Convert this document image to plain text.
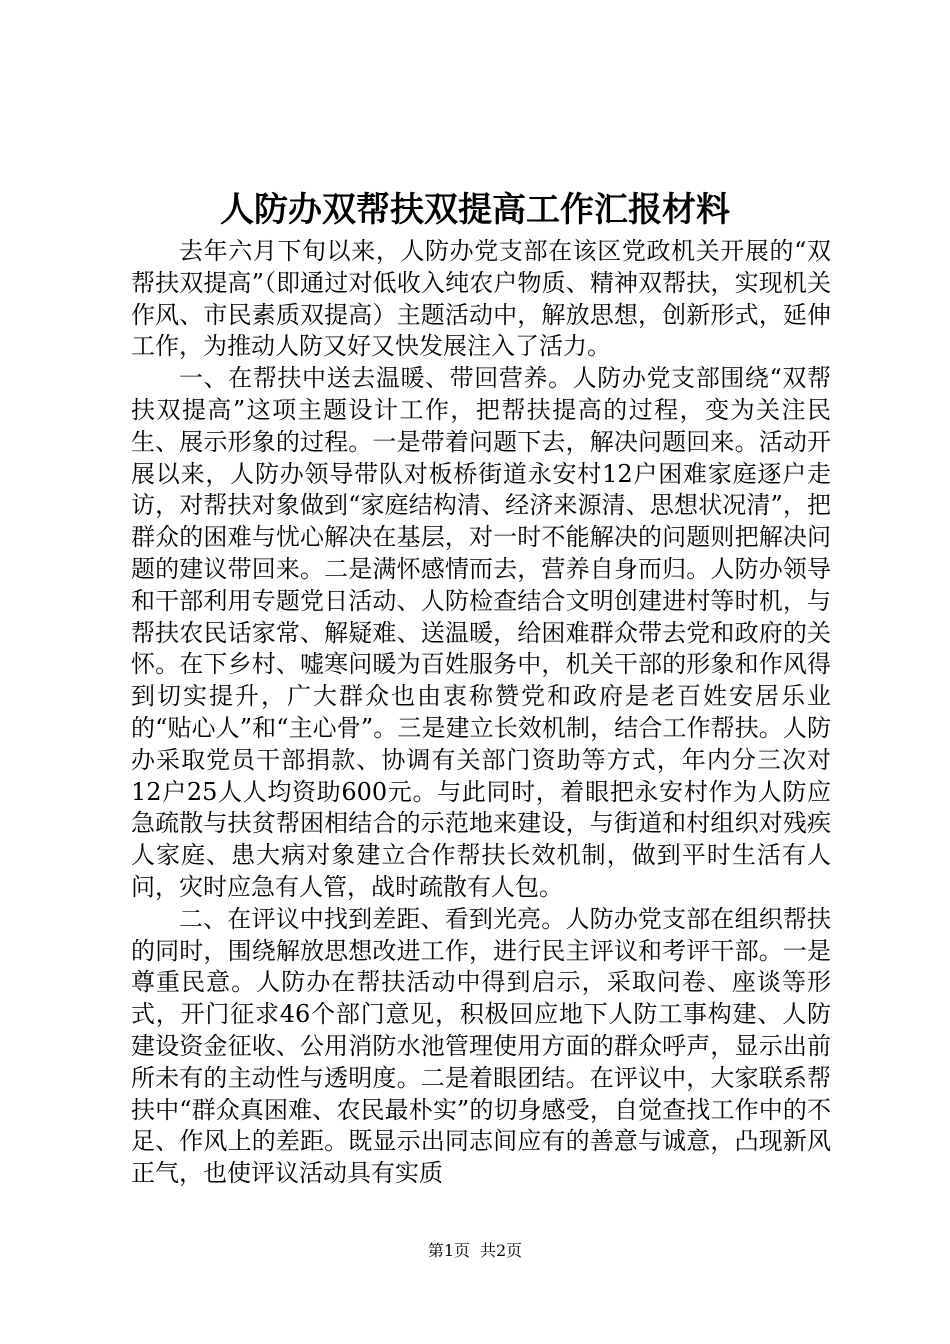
人防办双帮扶双提高工作汇报材料

去年六月下旬以来，人防办党支部在该区党政机关开展的“双帮扶双提高”（即通过对低收入纯农户物质、精神双帮扶，实现机关作风、市民素质双提高）主题活动中，解放思想，创新形式，延伸工作，为推动人防又好又快发展注入了活力。

一、在帮扶中送去温暖、带回营养。人防办党支部围绕“双帮扶双提高”这项主题设计工作，把帮扶提高的过程，变为关注民生、展示形象的过程。一是带着问题下去，解决问题回来。活动开展以来，人防办领导带队对板桥街道永安村12户困难家庭逐户走访，对帮扶对象做到“家庭结构清、经济来源清、思想状况清”，把群众的困难与忧心解决在基层，对一时不能解决的问题则把解决问题的建议带回来。二是满怀感情而去，营养自身而归。人防办领导和干部利用专题党日活动、人防检查结合文明创建进村等时机，与帮扶农民话家常、解疑难、送温暖，给困难群众带去党和政府的关怀。在下乡村、嘘寒问暖为百姓服务中，机关干部的形象和作风得到切实提升，广大群众也由衷称赞党和政府是老百姓安居乐业的“贴心人”和“主心骨”。三是建立长效机制，结合工作帮扶。人防办采取党员干部捐款、协调有关部门资助等方式，年内分三次对12户25人人均资助600元。与此同时，着眼把永安村作为人防应急疏散与扶贫帮困相结合的示范地来建设，与街道和村组织对残疾人家庭、患大病对象建立合作帮扶长效机制，做到平时生活有人问，灾时应急有人管，战时疏散有人包。

二、在评议中找到差距、看到光亮。人防办党支部在组织帮扶的同时，围绕解放思想改进工作，进行民主评议和考评干部。一是尊重民意。人防办在帮扶活动中得到启示，采取问卷、座谈等形式，开门征求46个部门意见，积极回应地下人防工事构建、人防建设资金征收、公用消防水池管理使用方面的群众呼声，显示出前所未有的主动性与透明度。二是着眼团结。在评议中，大家联系帮扶中“群众真困难、农民最朴实”的切身感受，自觉查找工作中的不足、作风上的差距。既显示出同志间应有的善意与诚意，凸现新风正气，也使评议活动具有实质

第1页 共2页
